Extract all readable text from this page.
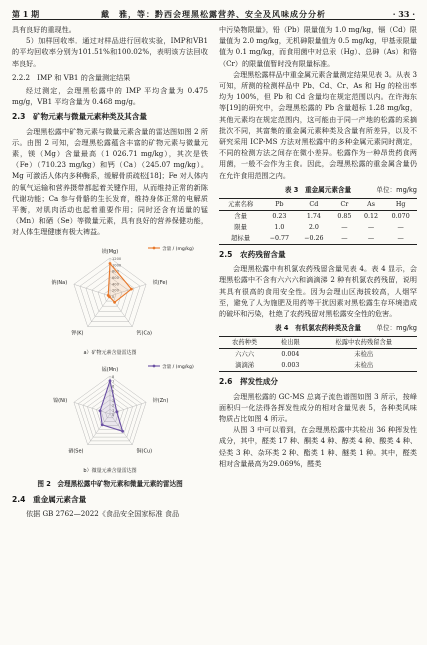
第 1 期	戴　雅，等：黔西会理黑松露营养、安全及风味成分分析	· 33 ·

具有良好的重现性。

5）加样回收率．通过对样品进行回收实验，IMP和VB1的平均回收率分别为101.51%和100.02%，表明该方法回收率良好。

2.2.2　IMP 和 VB1 的含量测定结果

经过测定，会理黑松露中的 IMP 平均含量为 0.475 mg/g，VB1 平均含量为 0.468 mg/g。

2.3　矿物元素与微量元素种类及其含量

会理黑松露中矿物元素与微量元素含量的雷达图如图 2 所示。由图 2 可知，会理黑松露蕴含丰富的矿物元素与微量元素，镁（Mg）含量最高（1 026.71 mg/kg），其次是铁（Fe）（710.23 mg/kg）和钙（Ca）（245.07 mg/kg）。Mg 可激活人体内多种酶系，缓解骨质疏松[18]；Fe 对人体内的氧气运输和营养摄带都起着关键作用，从而维持正常的新陈代谢功能；Ca 参与骨骼的生长发育，维持身体正常的电解质平衡，对肌肉活动也起着重要作用；同时还含有适量的锰（Mn）和硒（Se）等微量元素，具有良好的营养保健功能，对人体生理健康有极大裨益。

0
200
400
600
800
1000
1200
镁(Mg)
铁(Fe)
钙(Ca)
钾(K)
钠(Na)
含量 / (mg/kg)
a）矿物元素含量雷达图
0
1
2
3
4
5
6
7
8
锰(Mn)
锌(Zn)
铜(Cu)
硒(Se)
镍(Ni)
含量 / (mg/kg)
b）微量元素含量雷达图

图 2　会理黑松露中矿物元素和微量元素的雷达图

2.4　重金属元素含量

依据 GB 2762—2022《食品安全国家标准 食品

中污染物限量》，铅（Pb）限量值为 1.0 mg/kg，镉（Cd）限量值为 2.0 mg/kg，无机砷限量值为 0.5 mg/kg，甲基汞限量值为 0.1 mg/kg，而食用菌中对总汞（Hg）、总砷（As）和铬（Cr）的限量值暂时没有限量标准。

会理黑松露样品中重金属元素含量测定结果见表 3。从表 3 可知，所测的检测样品中 Pb、Cd、Cr、As 和 Hg 的检出率均为 100%，但 Pb 和 Cd 含量均在规定范围以内。在许海东等[19]的研究中，会理黑松露的 Pb 含量超标 1.28 mg/kg，其他元素均在规定范围内，这可能由于同一产地的松露的采摘批次不同，其富集的重金属元素种类及含量有所差异，以及不研究采用 ICP-MS 方法对黑松露中的多种金属元素同时测定，不同的检测方法之间存在微小差异。松露作为一种昂贵药食两用菌，一般不会作为主食。因此，会理黑松露的重金属含量仍在允许食用范围之内。

表 3　重金属元素含量	单位：mg/kg
元素名称	Pb	Cd	Cr	As	Hg
含量	0.23	1.74	0.85	0.12	0.070
限量	1.0	2.0	—	—	—
超标量	−0.77	−0.26	—	—	—

2.5　农药残留含量

会理黑松露中有机氯农药残留含量见表 4。表 4 显示，会理黑松露中不含有六六六和滴滴涕 2 种有机氯农药残留，说明其具有很高的食用安全性。因为会理山区海拔较高，人烟罕至，避免了人为施肥及用药等干扰因素对黑松露生存环境造成的破坏和污染，杜绝了农药残留对黑松露安全性的危害。

表 4　有机氯农药种类及含量 单位：mg/kg
农药种类	检出限	松露中农药残留含量
六六六	0.004	未检出
滴滴涕	0.003	未检出

2.6　挥发性成分

会理黑松露的 GC-MS 总离子流色谱图如图 3 所示，按峰面积归一化法得各挥发性成分的相对含量见表 5，各种类风味物质占比如图 4 所示。

从图 3 中可以看到，在会理黑松露中共检出 36 种挥发性成分，其中，醛类 17 种、酮类 4 种、醇类 4 种、酸类 4 种、烃类 3 种、杂环类 2 种、酯类 1 种、醚类 1 种。其中，醛类相对含量最高为29.069%，醛类
